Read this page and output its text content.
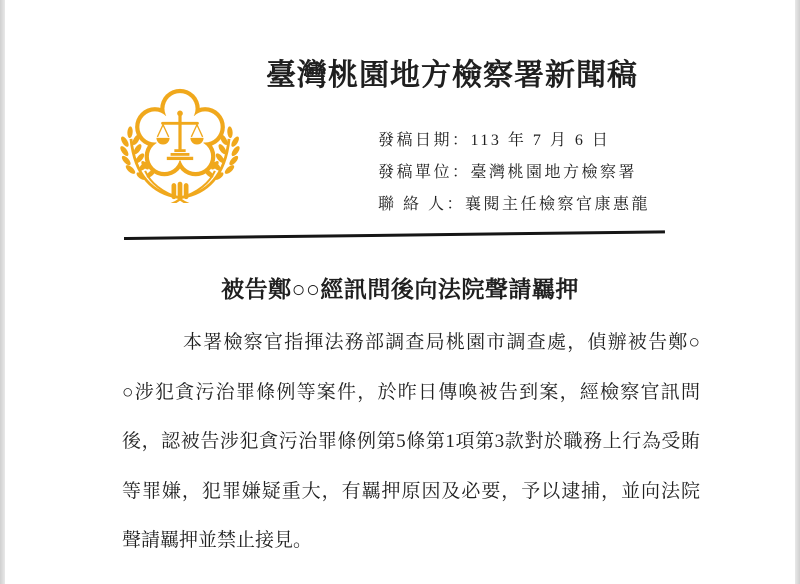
臺灣桃園地方檢察署新聞稿
發稿日期：113 年 7 月 6 日
發稿單位：臺灣桃園地方檢察署
聯 絡 人：襄閱主任檢察官康惠龍
被告鄭○○經訊問後向法院聲請羈押
本署檢察官指揮法務部調查局桃園市調查處，偵辦被告鄭○
○涉犯貪污治罪條例等案件，於昨日傳喚被告到案，經檢察官訊問
後，認被告涉犯貪污治罪條例第5條第1項第3款對於職務上行為受賄
等罪嫌，犯罪嫌疑重大，有羈押原因及必要，予以逮捕，並向法院
聲請羈押並禁止接見。
